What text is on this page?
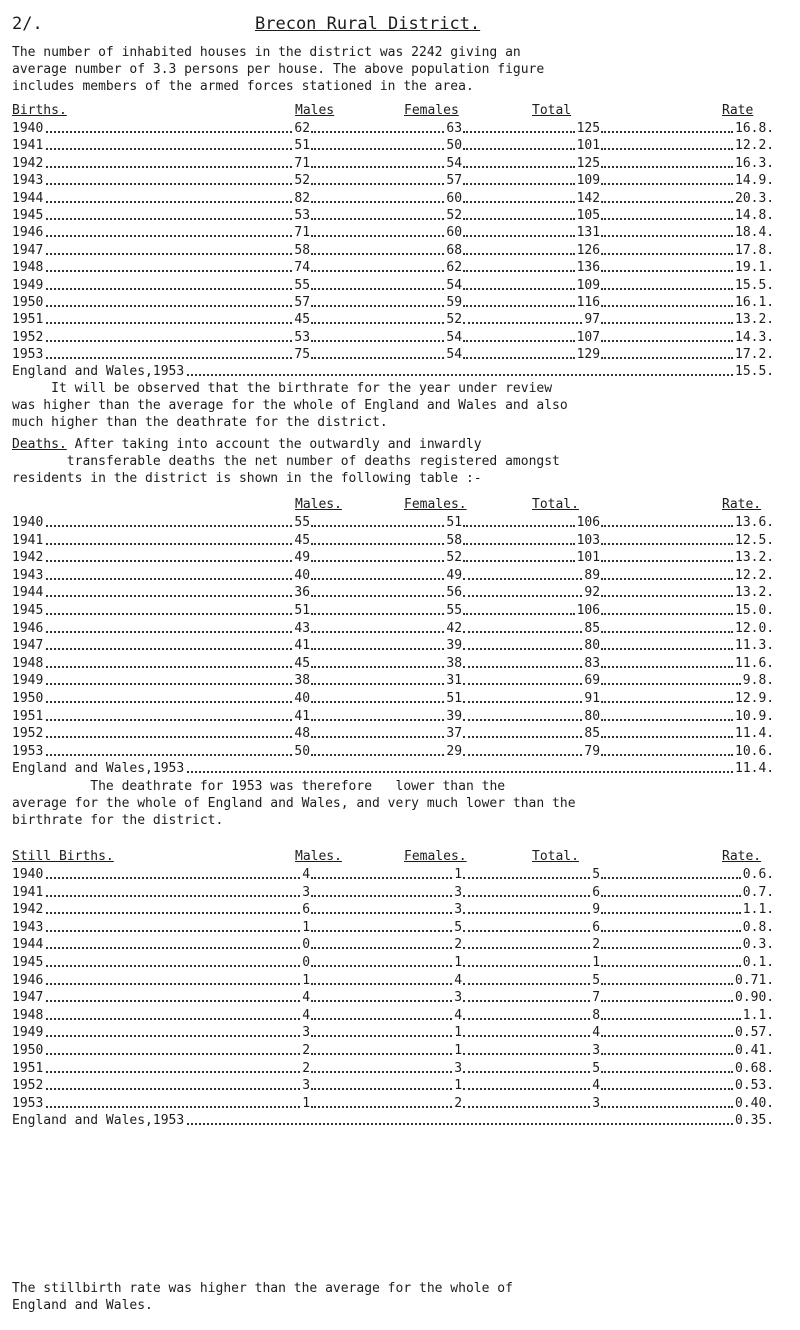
2/.	Brecon Rural District.
The number of inhabited houses in the district was 2242 giving an
average number of 3.3 persons per house. The above population figure
includes members of the armed forces stationed in the area.
Births.	Males	Females	Total	Rate
1940	62	63	125	16.8.
1941	51	50	101	12.2.
1942	71	54	125	16.3.
1943	52	57	109	14.9.
1944	82	60	142	20.3.
1945	53	52	105	14.8.
1946	71	60	131	18.4.
1947	58	68	126	17.8.
1948	74	62	136	19.1.
1949	55	54	109	15.5.
1950	57	59	116	16.1.
1951	45	52	97	13.2.
1952	53	54	107	14.3.
1953	75	54	129	17.2.
England and Wales,1953	15.5.
It will be observed that the birthrate for the year under review
was higher than the average for the whole of England and Wales and also
much higher than the deathrate for the district.
Deaths. After taking into account the outwardly and inwardly
transferable deaths the net number of deaths registered amongst
residents in the district is shown in the following table :-
Males.	Females.	Total.	Rate.
1940	55	51	106	13.6.
1941	45	58	103	12.5.
1942	49	52	101	13.2.
1943	40	49	89	12.2.
1944	36	56	92	13.2.
1945	51	55	106	15.0.
1946	43	42	85	12.0.
1947	41	39	80	11.3.
1948	45	38	83	11.6.
1949	38	31	69	9.8.
1950	40	51	91	12.9.
1951	41	39	80	10.9.
1952	48	37	85	11.4.
1953	50	29	79	10.6.
England and Wales,1953	11.4.
The deathrate for 1953 was therefore   lower than the
average for the whole of England and Wales, and very much lower than the
birthrate for the district.
Still Births.	Males.	Females.	Total.	Rate.
1940	4	1	5	0.6.
1941	3	3	6	0.7.
1942	6	3	9	1.1.
1943	1	5	6	0.8.
1944	0	2	2	0.3.
1945	0	1	1	0.1.
1946	1	4	5	0.71.
1947	4	3	7	0.90.
1948	4	4	8	1.1.
1949	3	1	4	0.57.
1950	2	1	3	0.41.
1951	2	3	5	0.68.
1952	3	1	4	0.53.
1953	1	2	3	0.40.
England and Wales,1953	0.35.
The stillbirth rate was higher than the average for the whole of
England and Wales.
